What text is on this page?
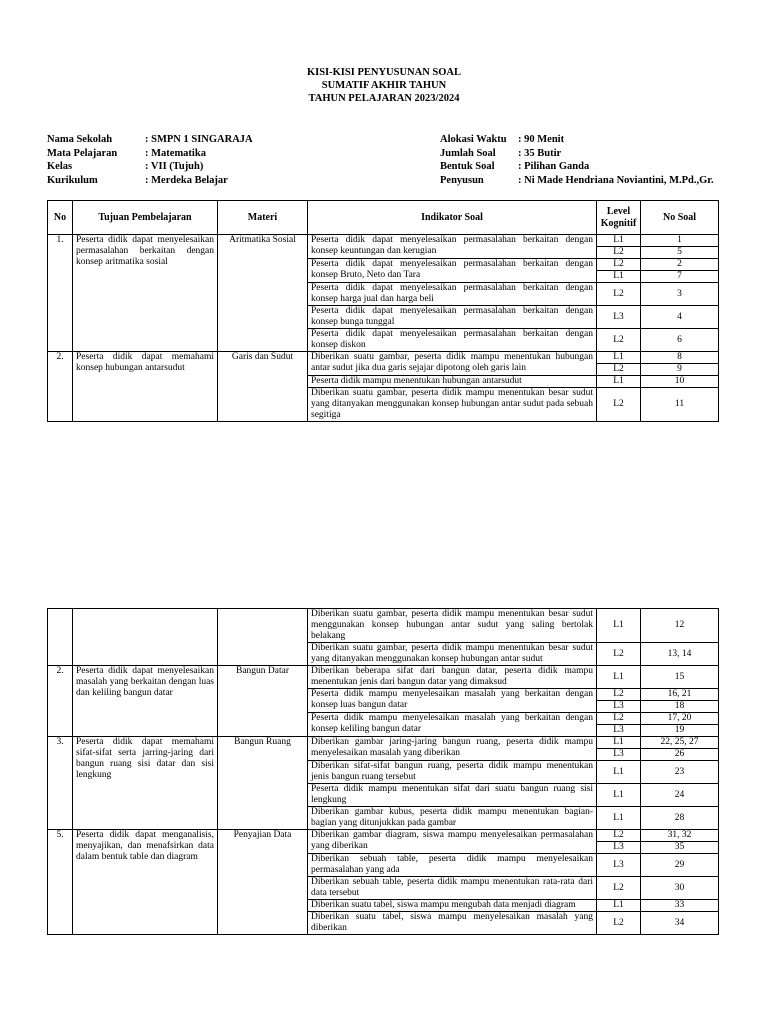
KISI-KISI PENYUSUNAN SOAL
SUMATIF AKHIR TAHUN
TAHUN PELAJARAN 2023/2024
Nama Sekolah	: SMPN 1 SINGARAJA
Mata Pelajaran	: Matematika
Kelas	: VII (Tujuh)
Kurikulum	: Merdeka Belajar
Alokasi Waktu	: 90 Menit
Jumlah Soal	: 35 Butir
Bentuk Soal	: Pilihan Ganda
Penyusun	: Ni Made Hendriana Noviantini, M.Pd.,Gr.
No	Tujuan Pembelajaran	Materi	Indikator Soal	Level Kognitif	No Soal
1.	Peserta didik dapat menyelesaikan permasalahan berkaitan dengan konsep aritmatika sosial	Aritmatika Sosial	Peserta didik dapat menyelesaikan permasalahan berkaitan dengan konsep keuntungan dan kerugian	L1	1
				L2	5
			Peserta didik dapat menyelesaikan permasalahan berkaitan dengan konsep Bruto, Neto dan Tara	L2	2
				L1	7
			Peserta didik dapat menyelesaikan permasalahan berkaitan dengan konsep harga jual dan harga beli	L2	3
			Peserta didik dapat menyelesaikan permasalahan berkaitan dengan konsep bunga tunggal	L3	4
			Peserta didik dapat menyelesaikan permasalahan berkaitan dengan konsep diskon	L2	6
2.	Peserta didik dapat memahami konsep hubungan antarsudut	Garis dan Sudut	Diberikan suatu gambar, peserta didik mampu menentukan hubungan antar sudut jika dua garis sejajar dipotong oleh garis lain	L1	8
				L2	9
			Peserta didik mampu menentukan hubungan antarsudut	L1	10
			Diberikan suatu gambar, peserta didik mampu menentukan besar sudut yang ditanyakan menggunakan konsep hubungan antar sudut pada sebuah segitiga	L2	11
			Diberikan suatu gambar, peserta didik mampu menentukan besar sudut menggunakan konsep hubungan antar sudut yang saling bertolak belakang	L1	12
			Diberikan suatu gambar, peserta didik mampu menentukan besar sudut yang ditanyakan menggunakan konsep hubungan antar sudut	L2	13, 14
2.	Peserta didik dapat menyelesaikan masalah yang berkaitan dengan luas dan keliling bangun datar	Bangun Datar	Diberikan beberapa sifat dari bangun datar, peserta didik mampu menentukan jenis dari bangun datar yang dimaksud	L1	15
			Peserta didik mampu menyelesaikan masalah yang berkaitan dengan konsep luas bangun datar	L2	16, 21
				L3	18
			Peserta didik mampu menyelesaikan masalah yang berkaitan dengan konsep keliling bangun datar	L2	17, 20
				L3	19
3.	Peserta didik dapat memahami sifat-sifat serta jarring-jaring dari bangun ruang sisi datar dan sisi lengkung	Bangun Ruang	Diberikan gambar jaring-jaring bangun ruang, peserta didik mampu menyelesaikan masalah yang diberikan	L1	22, 25, 27
				L3	26
			Diberikan sifat-sifat bangun ruang, peserta didik mampu menentukan jenis bangun ruang tersebut	L1	23
			Peserta didik mampu menentukan sifat dari suatu bangun ruang sisi lengkung	L1	24
			Diberikan gambar kubus, peserta didik mampu menentukan bagian-bagian yang ditunjukkan pada gambar	L1	28
5.	Peserta didik dapat menganalisis, menyajikan, dan menafsirkan data dalam bentuk table dan diagram	Penyajian Data	Diberikan gambar diagram, siswa mampu menyelesaikan permasalahan yang diberikan	L2	31, 32
				L3	35
			Diberikan sebuah table, peserta didik mampu menyelesaikan permasalahan yang ada	L3	29
			Diberikan sebuah table, peserta didik mampu menentukan rata-rata dari data tersebut	L2	30
			Diberikan suatu tabel, siswa mampu mengubah data menjadi diagram	L1	33
			Diberikan suatu tabel, siswa mampu menyelesaikan masalah yang diberikan	L2	34
